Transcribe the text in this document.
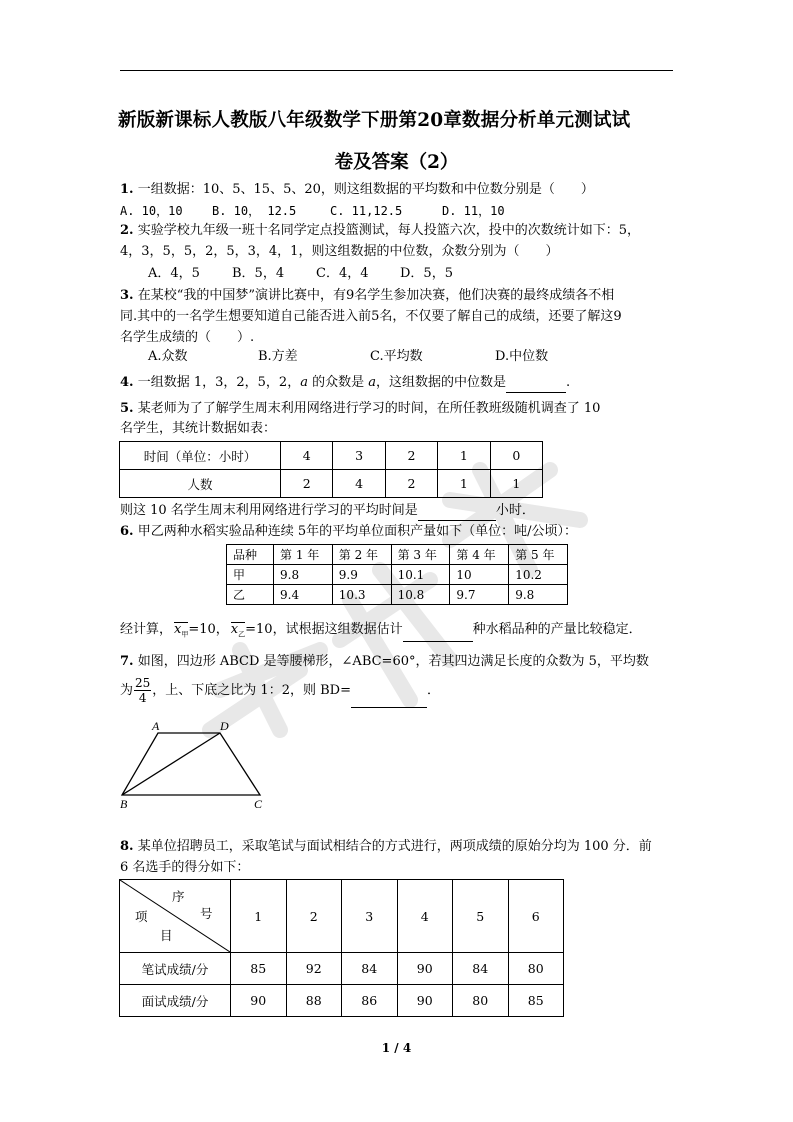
新版新课标人教版八年级数学下册第20章数据分析单元测试试
卷及答案（2）
1. 一组数据：10、5、15、5、20，则这组数据的平均数和中位数分别是（　　）
A. 10，10 B. 10， 12.5	C. 11,12.5	D. 11，10
2. 实验学校九年级一班十名同学定点投篮测试，每人投篮六次，投中的次数统计如下：5，
4，3，5，5，2，5，3，4，1，则这组数据的中位数，众数分别为（　　）
A．4，5 B．5，4 C．4，4 D．5，5
3. 在某校“我的中国梦”演讲比赛中，有9名学生参加决赛，他们决赛的最终成绩各不相
同.其中的一名学生想要知道自己能否进入前5名，不仅要了解自己的成绩，还要了解这9
名学生成绩的（　　）.
A.众数	B.方差	C.平均数	D.中位数
4. 一组数据 1，3，2，5，2，a 的众数是 a，这组数据的中位数是	.
5. 某老师为了了解学生周末利用网络进行学习的时间，在所任教班级随机调查了 10
名学生，其统计数据如表：
时间（单位：小时）	4	3	2	1	0
人数	2	4	2	1	1
则这 10 名学生周末利用网络进行学习的平均时间是	小时．
6. 甲乙两种水稻实验品种连续 5年的平均单位面积产量如下（单位：吨/公顷）：
品种	第 1 年	第 2 年	第 3 年	第 4 年	第 5 年
甲	9.8	9.9	10.1	10	10.2
乙	9.4	10.3	10.8	9.7	9.8
经计算， $x_甲=10$， $x_乙=10$，试根据这组数据估计	种水稻品种的产量比较稳定．
7. 如图，四边形 ABCD 是等腰梯形，∠ABC=60°，若其四边满足长度的众数为 5，平均数
为 $\frac{25}{4}$ ，上、下底之比为 1：2，则 BD=	．
A	D
B	C
8. 某单位招聘员工，采取笔试与面试相结合的方式进行，两项成绩的原始分均为 100 分．前
6 名选手的得分如下：
序
号
项
目	1	2	3	4	5	6
笔试成绩/分	85	92	84	90	84	80
面试成绩/分	90	88	86	90	80	85
1 / 4
